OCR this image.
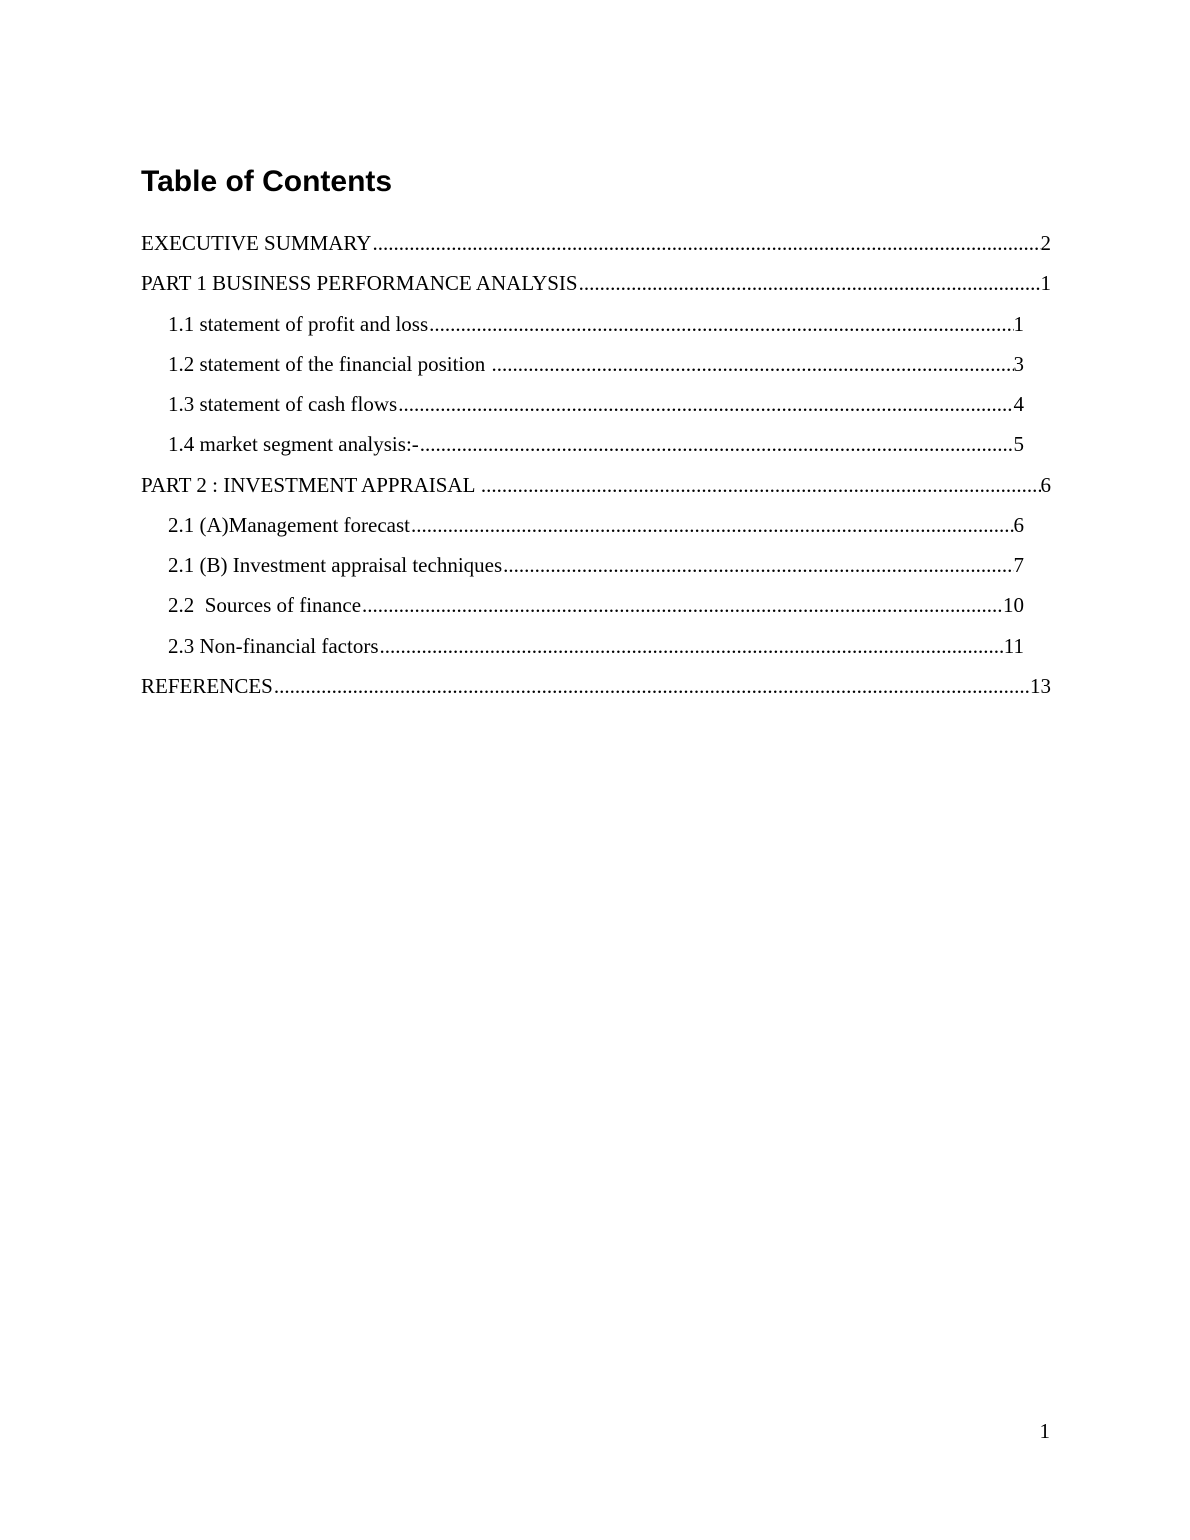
Table of Contents
EXECUTIVE SUMMARY .....	2
PART 1 BUSINESS PERFORMANCE ANALYSIS .....	1
1.1 statement of profit and loss .....	1
1.2 statement of the financial position .....	3
1.3 statement of cash flows .....	4
1.4 market segment analysis:- .....	5
PART 2 : INVESTMENT APPRAISAL .....	6
2.1 (A)Management forecast .....	6
2.1 (B) Investment appraisal techniques .....	7
2.2  Sources of finance .....	10
2.3 Non-financial factors .....	11
REFERENCES .....	13
1
